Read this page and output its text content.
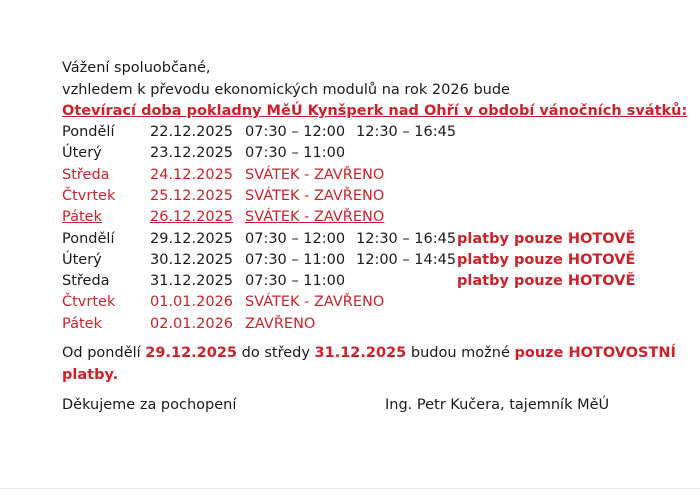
Vážení spoluobčané,
vzhledem k převodu ekonomických modulů na rok 2026 bude
Otevírací doba pokladny MěÚ Kynšperk nad Ohří v období vánočních svátků:
Pondělí 22.12.2025 07:30 – 12:00 12:30 – 16:45
Úterý	23.12.2025 07:30 – 11:00
Středa	24.12.2025 SVÁTEK - ZAVŘENO
Čtvrtek 25.12.2025 SVÁTEK - ZAVŘENO
Pátek	26.12.2025 SVÁTEK - ZAVŘENO
Pondělí 29.12.2025 07:30 – 12:00 12:30 – 16:45 platby pouze HOTOVĚ
Úterý	30.12.2025 07:30 – 11:00 12:00 – 14:45 platby pouze HOTOVĚ
Středa	31.12.2025 07:30 – 11:00	platby pouze HOTOVĚ
Čtvrtek 01.01.2026 SVÁTEK - ZAVŘENO
Pátek	02.01.2026 ZAVŘENO
Od pondělí 29.12.2025 do středy 31.12.2025 budou možné pouze HOTOVOSTNÍ
platby.
Děkujeme za pochopení	Ing. Petr Kučera, tajemník MěÚ
